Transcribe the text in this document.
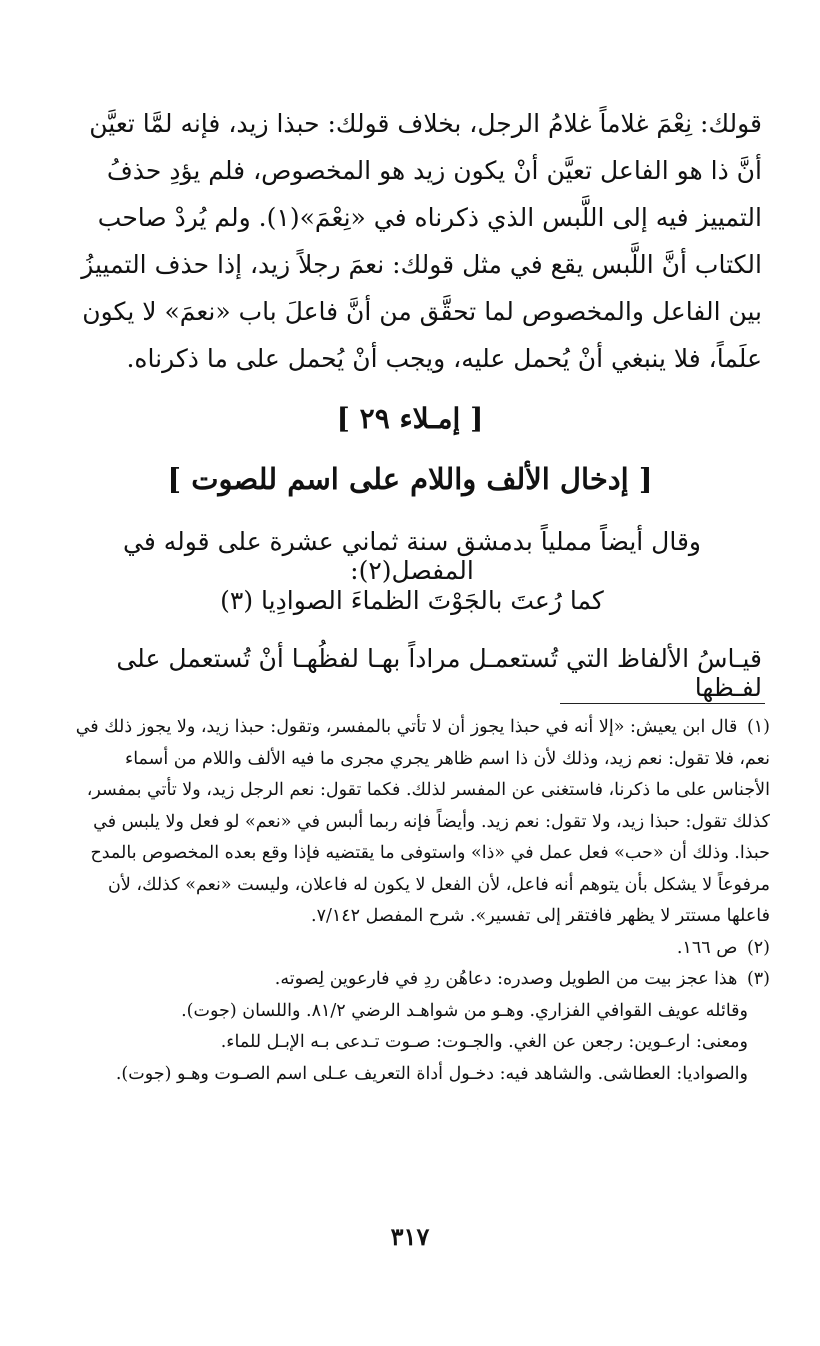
قولك: نِعْمَ غلاماً غلامُ الرجل، بخلاف قولك: حبذا زيد، فإنه لمَّا تعيَّن أنَّ ذا هو الفاعل تعيَّن أنْ يكون زيد هو المخصوص، فلم يؤدِ حذفُ التمييز فيه إلى اللَّبس الذي ذكرناه في «نِعْمَ»(١). ولم يُردْ صاحب الكتاب أنَّ اللَّبس يقع في مثل قولك: نعمَ رجلاً زيد، إذا حذف التمييزُ بين الفاعل والمخصوص لما تحقَّق من أنَّ فاعلَ باب «نعمَ» لا يكون علَماً، فلا ينبغي أنْ يُحمل عليه، ويجب أنْ يُحمل على ما ذكرناه.

[ إمـلاء ٢٩ ]
[ إدخال الألف واللام على اسم للصوت ]
وقال أيضاً مملياً بدمشق سنة ثماني عشرة على قوله في المفصل(٢):
كما رُعتَ بالجَوْتَ الظماءَ الصوادِيا (٣)
قيـاسُ الألفاظ التي تُستعمـل مراداً بهـا لفظُهـا أنْ تُستعمل على لفـظها

(١) قال ابن يعيش: «إلا أنه في حبذا يجوز أن لا تأتي بالمفسر، وتقول: حبذا زيد، ولا يجوز ذلك في نعم، فلا تقول: نعم زيد، وذلك لأن ذا اسم ظاهر يجري مجرى ما فيه الألف واللام من أسماء الأجناس على ما ذكرنا، فاستغنى عن المفسر لذلك. فكما تقول: نعم الرجل زيد، ولا تأتي بمفسر، كذلك تقول: حبذا زيد، ولا تقول: نعم زيد. وأيضاً فإنه ربما ألبس في «نعم» لو فعل ولا يلبس في حبذا. وذلك أن «حب» فعل عمل في «ذا» واستوفى ما يقتضيه فإذا وقع بعده المخصوص بالمدح مرفوعاً لا يشكل بأن يتوهم أنه فاعل، لأن الفعل لا يكون له فاعلان، وليست «نعم» كذلك، لأن فاعلها مستتر لا يظهر فافتقر إلى تفسير». شرح المفصل ٧/١٤٢.

(٢) ص ١٦٦.

(٣) هذا عجز بيت من الطويل وصدره: دعاهُن ردِ في فارعوين لِصوته.

وقائله عويف القوافي الفزاري. وهـو من شواهـد الرضي ٨١/٢. واللسان (جوت).

ومعنى: ارعـوين: رجعن عن الغي. والجـوت: صـوت تـدعى بـه الإبـل للماء.

والصواديا: العطاشى. والشاهد فيه: دخـول أداة التعريف عـلى اسم الصـوت وهـو (جوت).

٣١٧
